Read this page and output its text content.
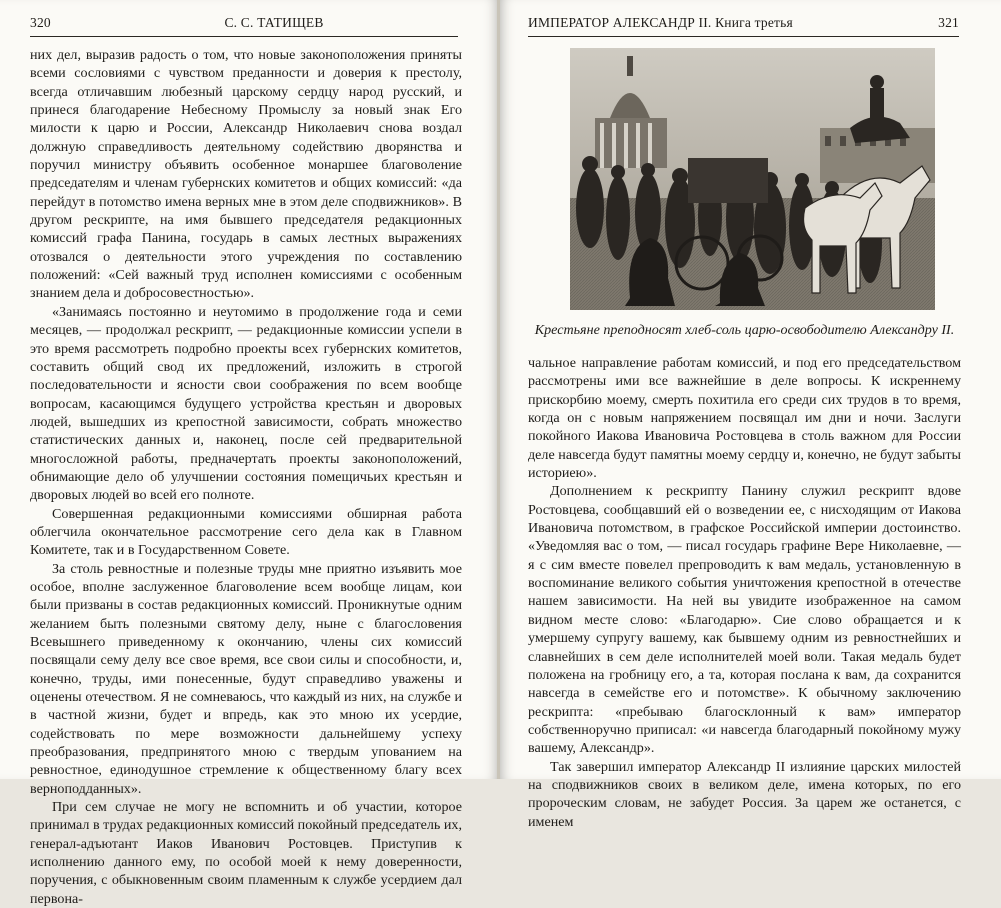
320	С. С. ТАТИЩЕВ

них дел, выразив радость о том, что новые законоположения приняты всеми сословиями с чувством преданности и доверия к престолу, всегда отличавшим любезный царскому сердцу народ русский, и принеся благодарение Небесному Промыслу за новый знак Его милости к царю и России, Александр Николаевич снова воздал должную справедливость деятельному содействию дворянства и поручил министру объявить особенное монаршее благоволение председателям и членам губернских комитетов и общих комиссий: «да перейдут в потомство имена верных мне в этом деле сподвижников». В другом рескрипте, на имя бывшего председателя редакционных комиссий графа Панина, государь в самых лестных выражениях отозвался о деятельности этого учреждения по составлению положений: «Сей важный труд исполнен комиссиями с особенным знанием дела и добросовестностью».

«Занимаясь постоянно и неутомимо в продолжение года и семи месяцев, — продолжал рескрипт, — редакционные комиссии успели в это время рассмотреть подробно проекты всех губернских комитетов, составить общий свод их предложений, изложить в строгой последовательности и ясности свои соображения по всем вообще вопросам, касающимся будущего устройства крестьян и дворовых людей, вышедших из крепостной зависимости, собрать множество статистических данных и, наконец, после сей предварительной многосложной работы, предначертать проекты законоположений, обнимающие дело об улучшении состояния помещичьих крестьян и дворовых людей во всей его полноте.

Совершенная редакционными комиссиями обширная работа облегчила окончательное рассмотрение сего дела как в Главном Комитете, так и в Государственном Совете.

За столь ревностные и полезные труды мне приятно изъявить мое особое, вполне заслуженное благоволение всем вообще лицам, кои были призваны в состав редакционных комиссий. Проникнутые одним желанием быть полезными святому делу, ныне с благословения Всевышнего приведенному к окончанию, члены сих комиссий посвящали сему делу все свое время, все свои силы и способности, и, конечно, труды, ими понесенные, будут справедливо уважены и оценены отечеством. Я не сомневаюсь, что каждый из них, на службе и в частной жизни, будет и впредь, как это мною их усердие, содействовать по мере возможности дальнейшему успеху преобразования, предпринятого мною с твердым упованием на ревностное, единодушное стремление к общественному благу всех верноподданных».

При сем случае не могу не вспомнить и об участии, которое принимал в трудах редакционных комиссий покойный председатель их, генерал-адъютант Иаков Иванович Ростовцев. Приступив к исполнению данного ему, по особой моей к нему доверенности, поручения, с обыкновенным своим пламенным к службе усердием дал первона-

ИМПЕРАТОР АЛЕКСАНДР II. Книга третья	321
Крестьяне преподносят хлеб-соль царю-освободителю Александру II.

чальное направление работам комиссий, и под его председательством рассмотрены ими все важнейшие в деле вопросы. К искреннему прискорбию моему, смерть похитила его среди сих трудов в то время, когда он с новым напряжением посвящал им дни и ночи. Заслуги покойного Иакова Ивановича Ростовцева в столь важном для России деле навсегда будут памятны моему сердцу и, конечно, не будут забыты историею».

Дополнением к рескрипту Панину служил рескрипт вдове Ростовцева, сообщавший ей о возведении ее, с нисходящим от Иакова Ивановича потомством, в графское Российской империи достоинство. «Уведомляя вас о том, — писал государь графине Вере Николаевне, — я с сим вместе повелел препроводить к вам медаль, установленную в воспоминание великого события уничтожения крепостной в отечестве нашем зависимости. На ней вы увидите изображенное на самом видном месте слово: «Благодарю». Сие слово обращается и к умершему супругу вашему, как бывшему одним из ревностнейших и славнейших в сем деле исполнителей моей воли. Такая медаль будет положена на гробницу его, а та, которая послана к вам, да сохранится навсегда в семействе его и потомстве». К обычному заключению рескрипта: «пребываю благосклонный к вам» император собственноручно приписал: «и навсегда благодарный покойному мужу вашему, Александр».

Так завершил император Александр II излияние царских милостей на сподвижников своих в великом деле, имена которых, по его пророческим словам, не забудет Россия. За царем же останется, с именем
